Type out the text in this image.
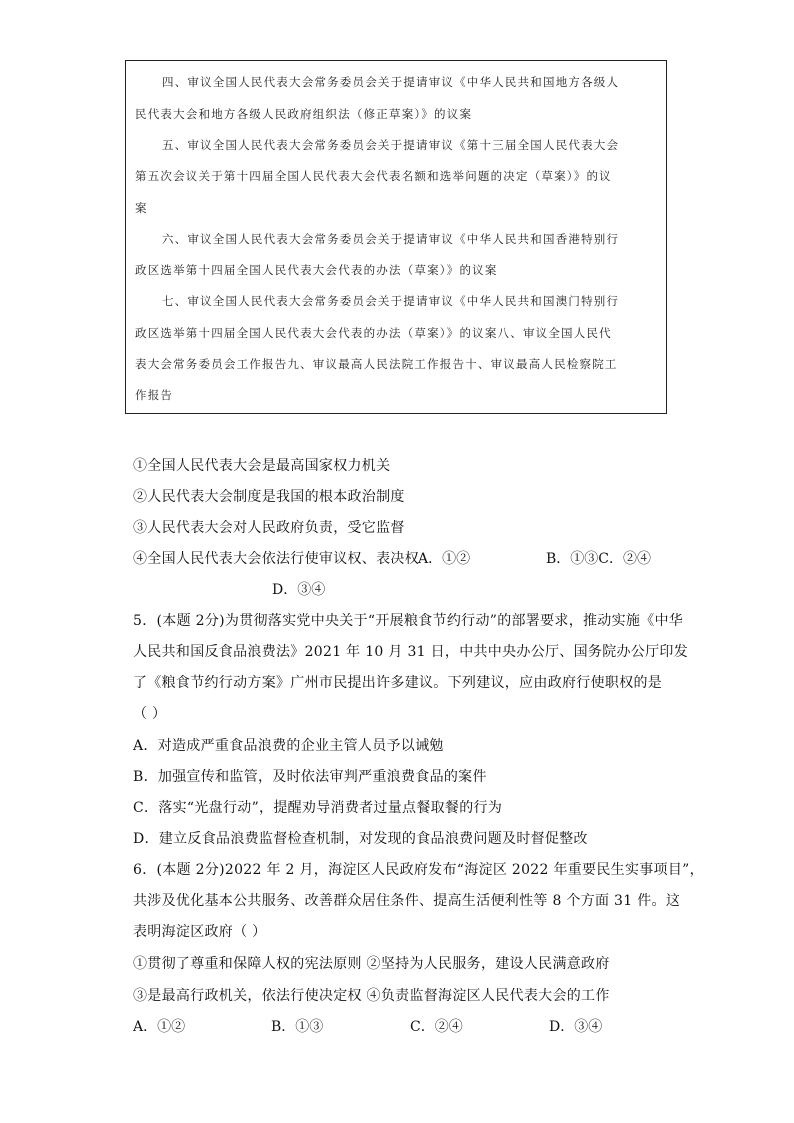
四、审议全国人民代表大会常务委员会关于提请审议《中华人民共和国地方各级人
民代表大会和地方各级人民政府组织法（修正草案）》的议案
五、审议全国人民代表大会常务委员会关于提请审议《第十三届全国人民代表大会
第五次会议关于第十四届全国人民代表大会代表名额和选举问题的决定（草案）》的议
案
六、审议全国人民代表大会常务委员会关于提请审议《中华人民共和国香港特别行
政区选举第十四届全国人民代表大会代表的办法（草案）》的议案
七、审议全国人民代表大会常务委员会关于提请审议《中华人民共和国澳门特别行
政区选举第十四届全国人民代表大会代表的办法（草案）》的议案八、审议全国人民代
表大会常务委员会工作报告九、审议最高人民法院工作报告十、审议最高人民检察院工
作报告
①全国人民代表大会是最高国家权力机关
②人民代表大会制度是我国的根本政治制度
③人民代表大会对人民政府负责，受它监督
④全国人民代表大会依法行使审议权、表决权 A．①②	B．①③C．②④
D．③④
5．(本题 2分)为贯彻落实党中央关于“开展粮食节约行动”的部署要求，推动实施《中华
人民共和国反食品浪费法》2021 年 10 月 31 日，中共中央办公厅、国务院办公厅印发
了《粮食节约行动方案》广州市民提出许多建议。下列建议，应由政府行使职权的是
（ ）
A．对造成严重食品浪费的企业主管人员予以诫勉
B．加强宣传和监管，及时依法审判严重浪费食品的案件
C．落实“光盘行动”，提醒劝导消费者过量点餐取餐的行为
D．建立反食品浪费监督检查机制，对发现的食品浪费问题及时督促整改
6．(本题 2分)2022 年 2 月，海淀区人民政府发布“海淀区 2022 年重要民生实事项目”，
共涉及优化基本公共服务、改善群众居住条件、提高生活便利性等 8 个方面 31 件。这
表明海淀区政府（ ）
①贯彻了尊重和保障人权的宪法原则 ②坚持为人民服务，建设人民满意政府
③是最高行政机关，依法行使决定权 ④负责监督海淀区人民代表大会的工作
A．①②	B．①③	C．②④	D．③④
